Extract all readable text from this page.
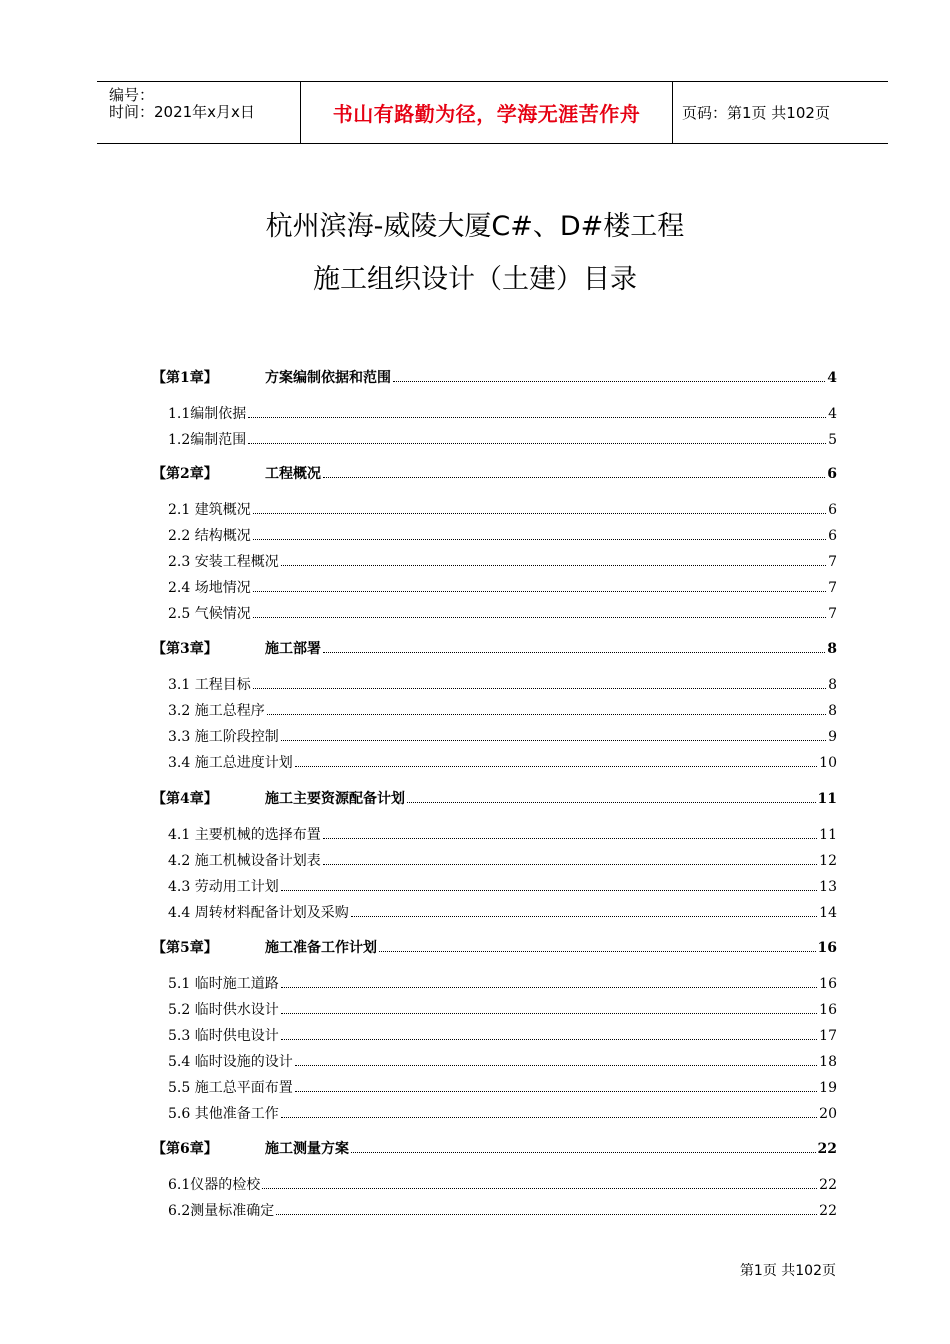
编号：
时间：2021年x月x日	书山有路勤为径，学海无涯苦作舟	页码：第1页 共102页
杭州滨海-威陵大厦C#、D#楼工程
施工组织设计（土建）目录
【第1章】	方案编制依据和范围	4
1.1编制依据	4
1.2编制范围	5
【第2章】	工程概况	6
2.1 建筑概况	6
2.2 结构概况	6
2.3 安装工程概况	7
2.4 场地情况	7
2.5 气候情况	7
【第3章】	施工部署	8
3.1 工程目标	8
3.2 施工总程序	8
3.3 施工阶段控制	9
3.4 施工总进度计划	10
【第4章】	施工主要资源配备计划	11
4.1 主要机械的选择布置	11
4.2 施工机械设备计划表	12
4.3 劳动用工计划	13
4.4 周转材料配备计划及采购	14
【第5章】	施工准备工作计划	16
5.1 临时施工道路	16
5.2 临时供水设计	16
5.3 临时供电设计	17
5.4 临时设施的设计	18
5.5 施工总平面布置	19
5.6 其他准备工作	20
【第6章】	施工测量方案	22
6.1仪器的检校	22
6.2测量标准确定	22
第1页 共102页
